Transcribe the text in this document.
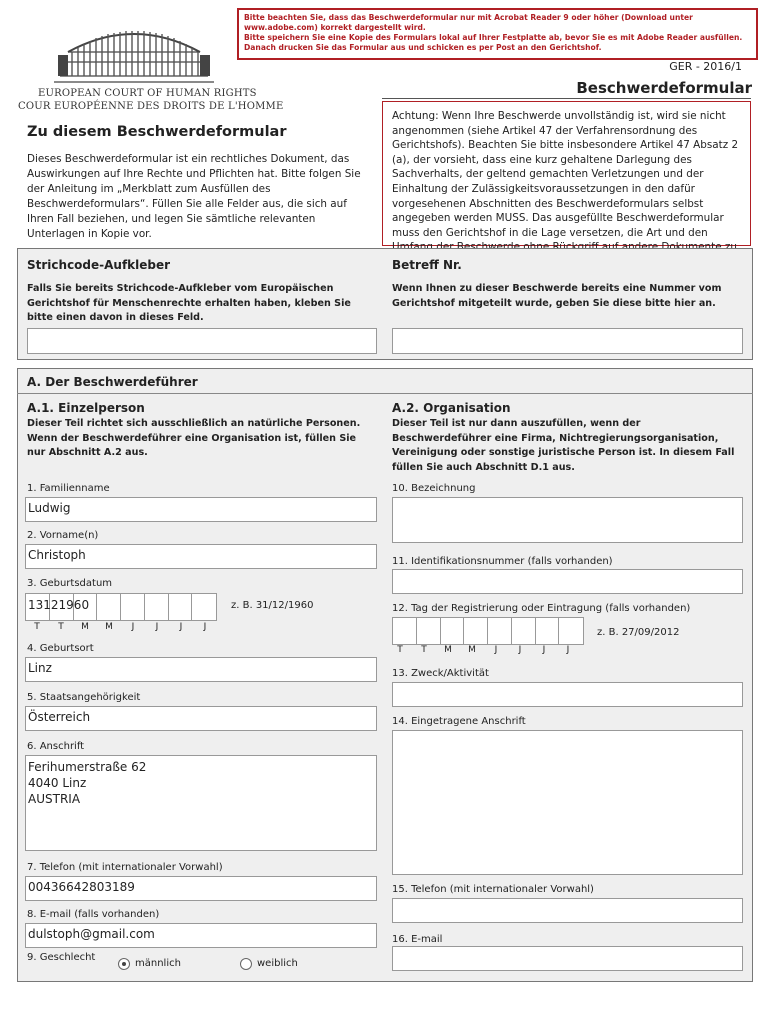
Bitte beachten Sie, dass das Beschwerdeformular nur mit Acrobat Reader 9 oder höher (Download unter
www.adobe.com) korrekt dargestellt wird.
Bitte speichern Sie eine Kopie des Formulars lokal auf Ihrer Festplatte ab, bevor Sie es mit Adobe Reader ausfüllen.
Danach drucken Sie das Formular aus und schicken es per Post an den Gerichtshof.
EUROPEAN COURT OF HUMAN RIGHTS
COUR EUROPÉENNE DES DROITS DE L'HOMME
GER - 2016/1
Beschwerdeformular
Zu diesem Beschwerdeformular
Dieses Beschwerdeformular ist ein rechtliches Dokument, das Auswirkungen auf Ihre Rechte und Pflichten hat. Bitte folgen Sie der Anleitung im „Merkblatt zum Ausfüllen des Beschwerdeformulars“. Füllen Sie alle Felder aus, die sich auf Ihren Fall beziehen, und legen Sie sämtliche relevanten Unterlagen in Kopie vor.
Achtung: Wenn Ihre Beschwerde unvollständig ist, wird sie nicht angenommen (siehe Artikel 47 der Verfahrensordnung des Gerichtshofs). Beachten Sie bitte insbesondere Artikel 47 Absatz 2 (a), der vorsieht, dass eine kurz gehaltene Darlegung des Sachverhalts, der geltend gemachten Verletzungen und der Einhaltung der Zulässigkeitsvoraussetzungen in den dafür vorgesehenen Abschnitten des Beschwerdeformulars selbst angegeben werden MUSS. Das ausgefüllte Beschwerdeformular muss den Gerichtshof in die Lage versetzen, die Art und den
Strichcode-Aufkleber
Falls Sie bereits Strichcode-Aufkleber vom Europäischen Gerichtshof für Menschenrechte erhalten haben, kleben Sie bitte einen davon in dieses Feld.
Betreff Nr.
Wenn Ihnen zu dieser Beschwerde bereits eine Nummer vom Gerichtshof mitgeteilt wurde, geben Sie diese bitte hier an.
A. Der Beschwerdeführer
A.1. Einzelperson
Dieser Teil richtet sich ausschließlich an natürliche Personen. Wenn der Beschwerdeführer eine Organisation ist, füllen Sie nur Abschnitt A.2 aus.
1. Familienname
Ludwig
2. Vorname(n)
Christoph
3. Geburtsdatum
13121960	z. B. 31/12/1960
T	T	M	M	J	J	J	J
4. Geburtsort
Linz
5. Staatsangehörigkeit
Österreich
6. Anschrift
Ferihumerstraße 62
4040 Linz
AUSTRIA
7. Telefon (mit internationaler Vorwahl)
00436642803189
8. E-mail (falls vorhanden)
dulstoph@gmail.com
9. Geschlecht
männlich	weiblich
A.2. Organisation
Dieser Teil ist nur dann auszufüllen, wenn der Beschwerdeführer eine Firma, Nichtregierungsorganisation, Vereinigung oder sonstige juristische Person ist. In diesem Fall füllen Sie auch Abschnitt D.1 aus.
10. Bezeichnung
11. Identifikationsnummer (falls vorhanden)
12. Tag der Registrierung oder Eintragung (falls vorhanden)
z. B. 27/09/2012
T	T	M	M	J	J	J	J
13. Zweck/Aktivität
14. Eingetragene Anschrift
15. Telefon (mit internationaler Vorwahl)
16. E-mail
